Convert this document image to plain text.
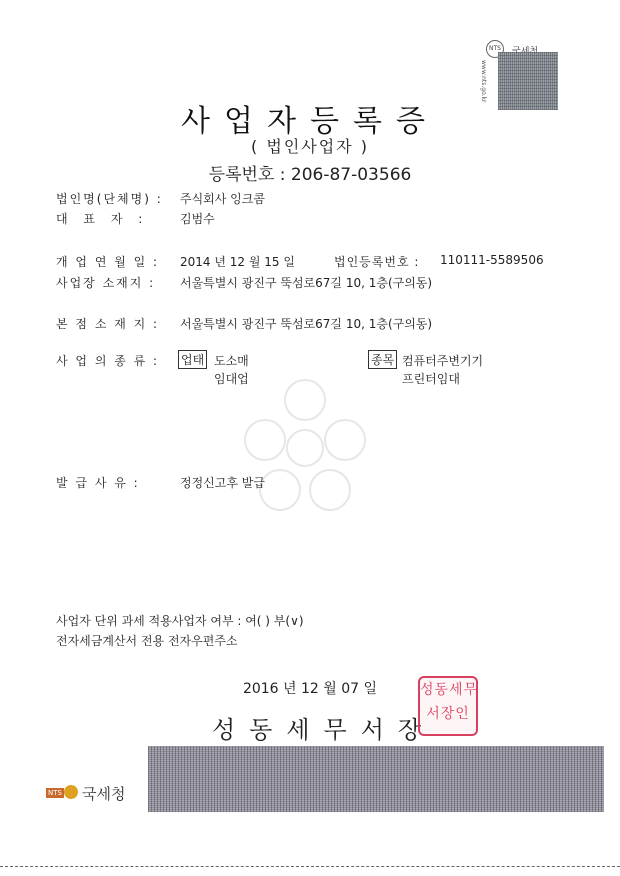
NTS
www.nts.go.kr
사업자등록증
( 법인사업자 )
등록번호 : 206-87-03566
법인명(단체명) : 주식회사 잉크콤
대 표 자 :	김범수
개 업 연 월 일 : 2014 년 12 월 15 일	법인등록번호 : 110111-5589506
사업장 소재지 : 서울특별시 광진구 뚝섬로67길 10, 1층(구의동)
본 점 소 재 지 : 서울특별시 광진구 뚝섬로67길 10, 1층(구의동)
사 업 의 종 류 : 업태 도소매
임대업
종목 컴퓨터주변기기
프린터임대
발 급 사 유 :	정정신고후 발급
사업자 단위 과세 적용사업자 여부 : 여( ) 부(∨)
전자세금계산서 전용 전자우편주소
2016 년 12 월 07 일
성동세무서장
성동세무
서장인
NTS 국세청
